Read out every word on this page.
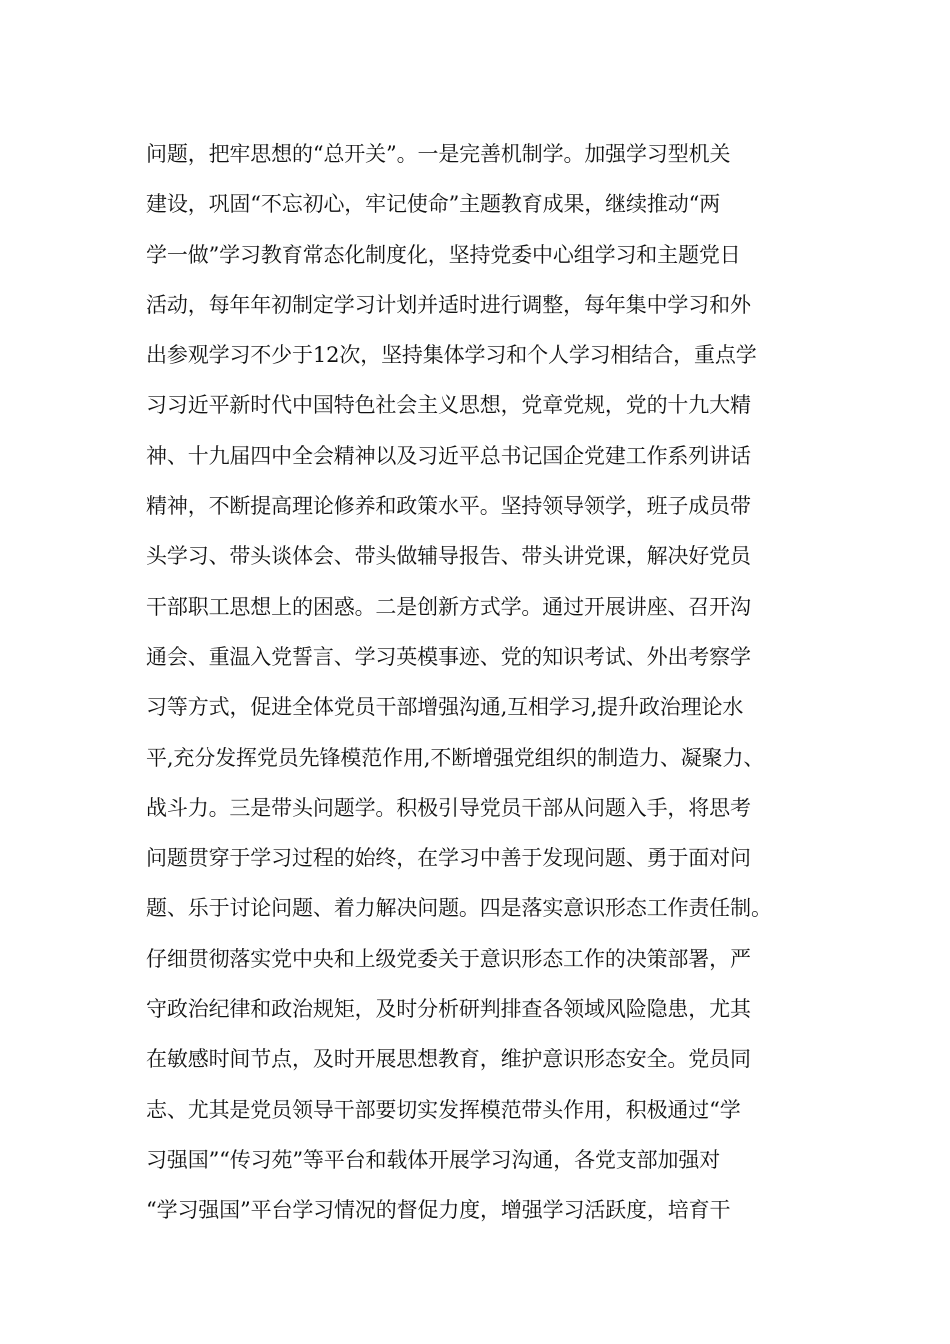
问题，把牢思想的“总开关”。一是完善机制学。加强学习型机关
建设，巩固“不忘初心，牢记使命”主题教育成果，继续推动“两
学一做”学习教育常态化制度化，坚持党委中心组学习和主题党日
活动，每年年初制定学习计划并适时进行调整，每年集中学习和外
出参观学习不少于12次，坚持集体学习和个人学习相结合，重点学
习习近平新时代中国特色社会主义思想，党章党规，党的十九大精
神、十九届四中全会精神以及习近平总书记国企党建工作系列讲话
精神，不断提高理论修养和政策水平。坚持领导领学，班子成员带
头学习、带头谈体会、带头做辅导报告、带头讲党课，解决好党员
干部职工思想上的困惑。二是创新方式学。通过开展讲座、召开沟
通会、重温入党誓言、学习英模事迹、党的知识考试、外出考察学
习等方式，促进全体党员干部增强沟通,互相学习,提升政治理论水
平,充分发挥党员先锋模范作用,不断增强党组织的制造力、凝聚力、
战斗力。三是带头问题学。积极引导党员干部从问题入手，将思考
问题贯穿于学习过程的始终，在学习中善于发现问题、勇于面对问
题、乐于讨论问题、着力解决问题。四是落实意识形态工作责任制。
仔细贯彻落实党中央和上级党委关于意识形态工作的决策部署，严
守政治纪律和政治规矩，及时分析研判排查各领域风险隐患，尤其
在敏感时间节点，及时开展思想教育，维护意识形态安全。党员同
志、尤其是党员领导干部要切实发挥模范带头作用，积极通过“学
习强国”“传习苑”等平台和载体开展学习沟通，各党支部加强对
“学习强国”平台学习情况的督促力度，增强学习活跃度，培育干
